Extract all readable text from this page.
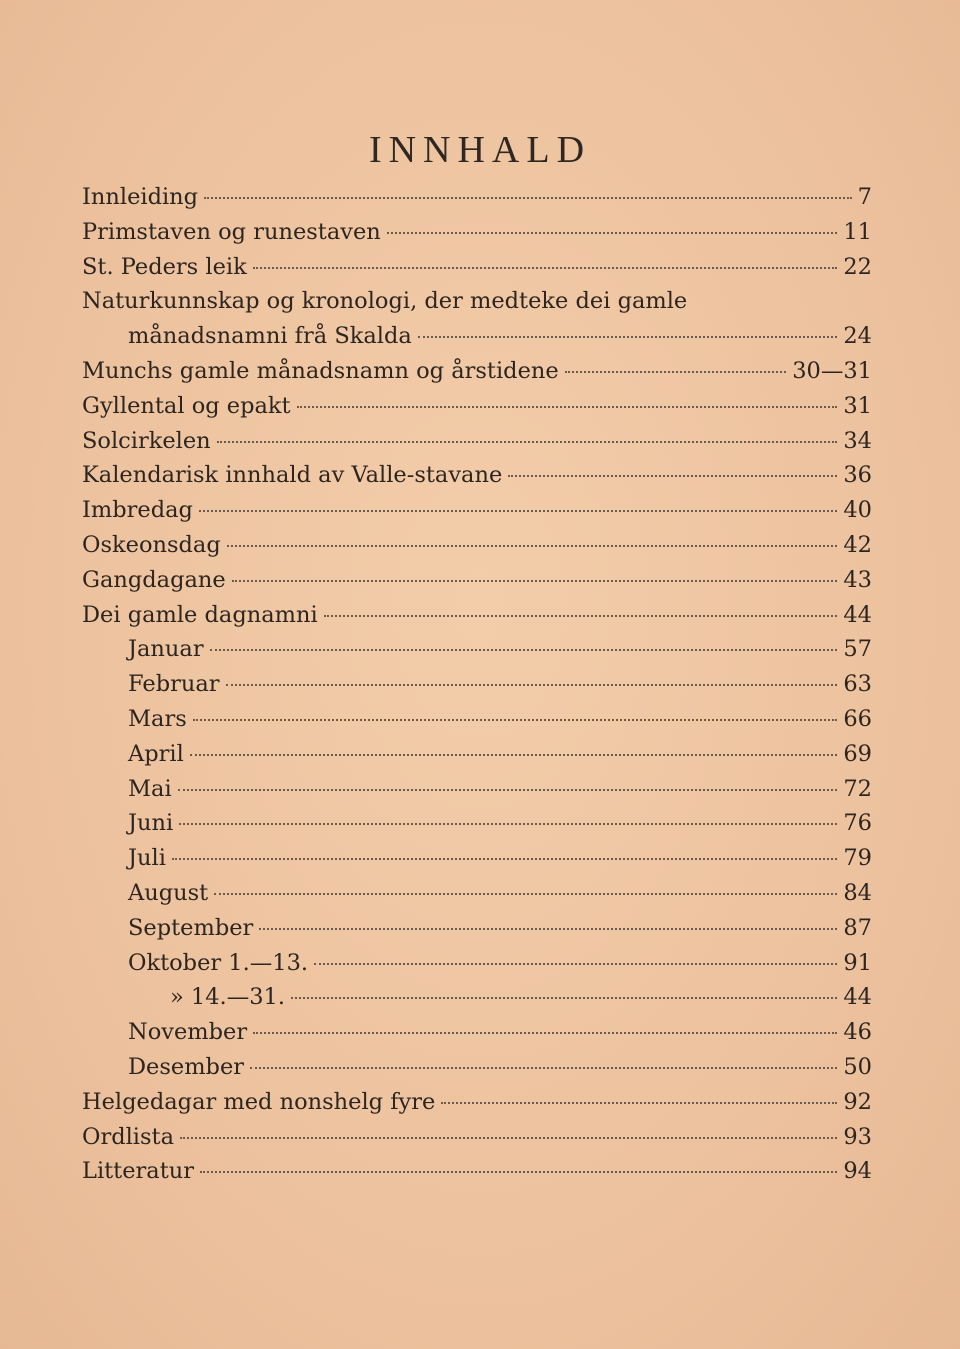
INNHALD
Innleiding	7
Primstaven og runestaven	11
St. Peders leik	22
Naturkunnskap og kronologi, der medteke dei gamle
månadsnamni frå Skalda	24
Munchs gamle månadsnamn og årstidene	30—31
Gyllental og epakt	31
Solcirkelen	34
Kalendarisk innhald av Valle-stavane	36
Imbredag	40
Oskeonsdag	42
Gangdagane	43
Dei gamle dagnamni	44
Januar	57
Februar	63
Mars	66
April	69
Mai	72
Juni	76
Juli	79
August	84
September	87
Oktober 1.—13.	91
» 14.—31.	44
November	46
Desember	50
Helgedagar med nonshelg fyre	92
Ordlista	93
Litteratur	94
